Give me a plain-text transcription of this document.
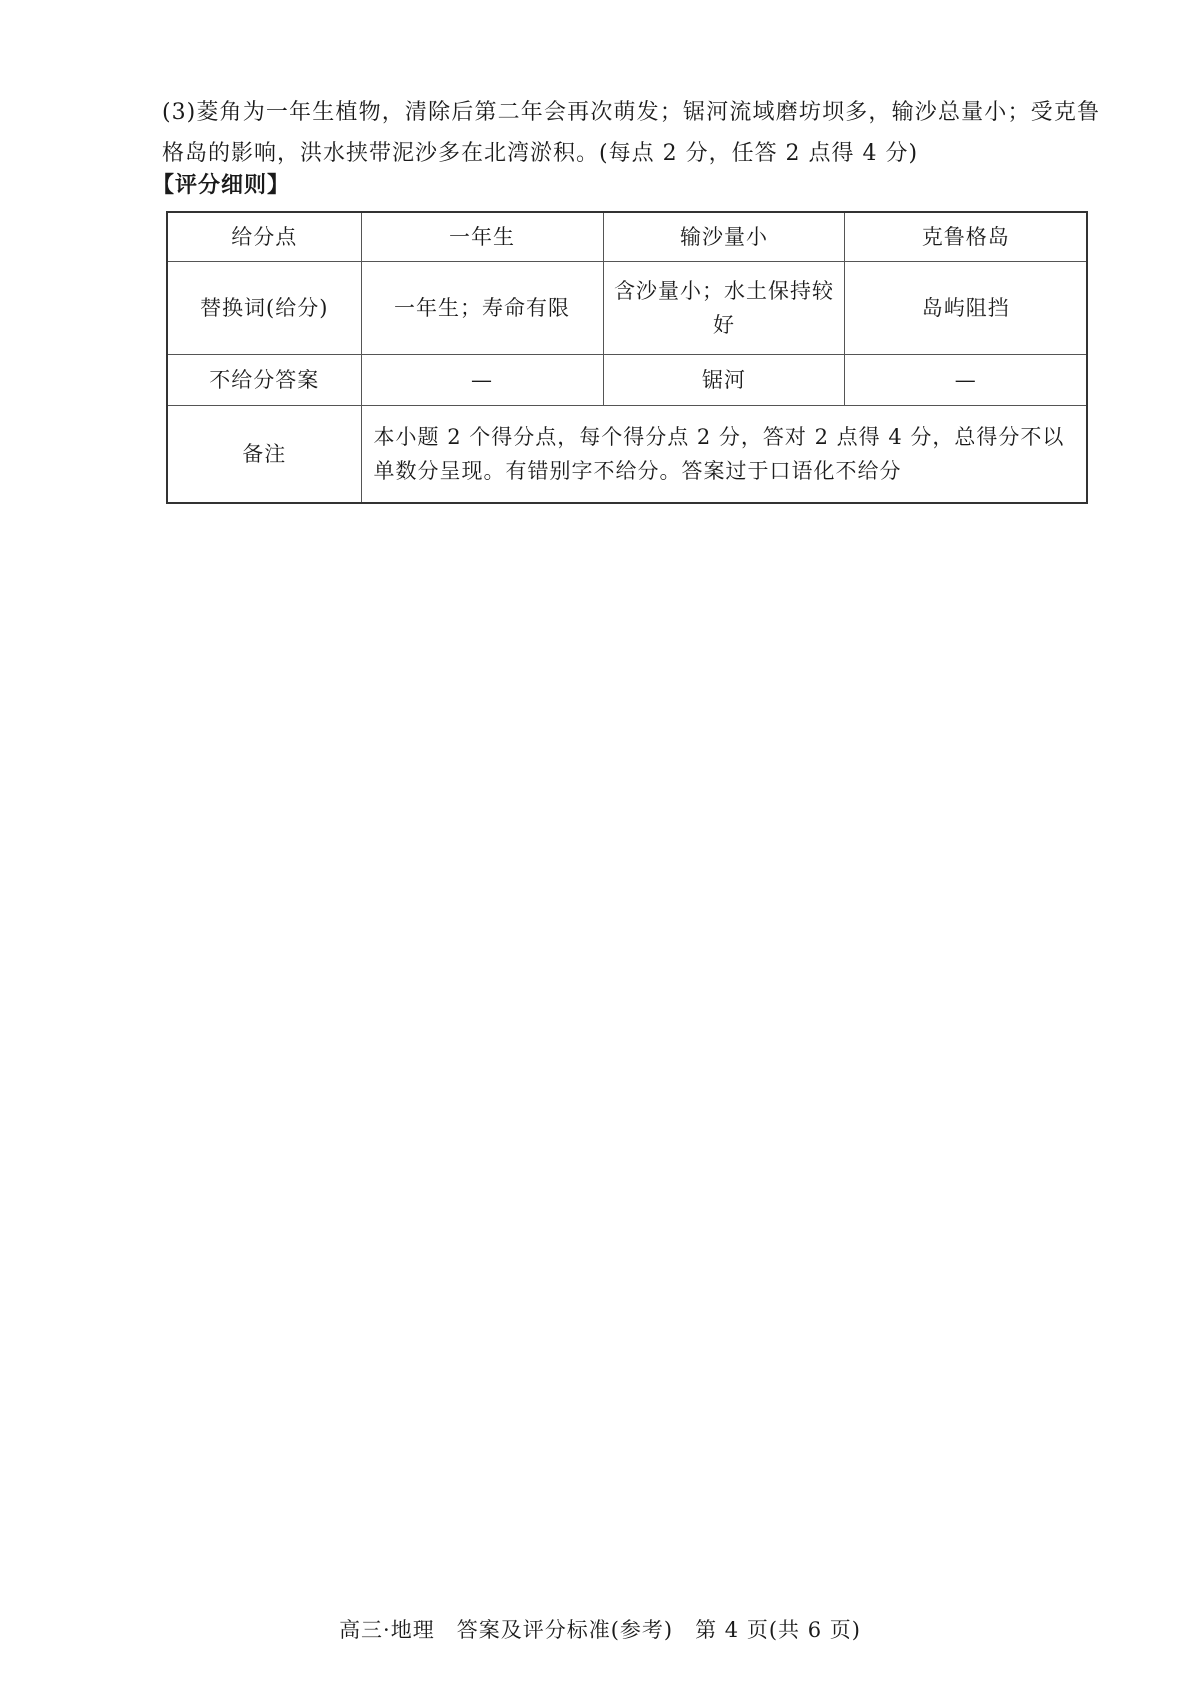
(3)菱角为一年生植物，清除后第二年会再次萌发；锯河流域磨坊坝多，输沙总量小；受克鲁格岛的影响，洪水挟带泥沙多在北湾淤积。(每点 2 分，任答 2 点得 4 分)

【评分细则】
给分点	一年生	输沙量小	克鲁格岛
替换词(给分)	一年生；寿命有限	含沙量小；水土保持较好	岛屿阻挡
不给分答案	—	锯河	—
备注	本小题 2 个得分点，每个得分点 2 分，答对 2 点得 4 分，总得分不以单数分呈现。有错别字不给分。答案过于口语化不给分		
高三·地理　答案及评分标准(参考)　第 4 页(共 6 页)
